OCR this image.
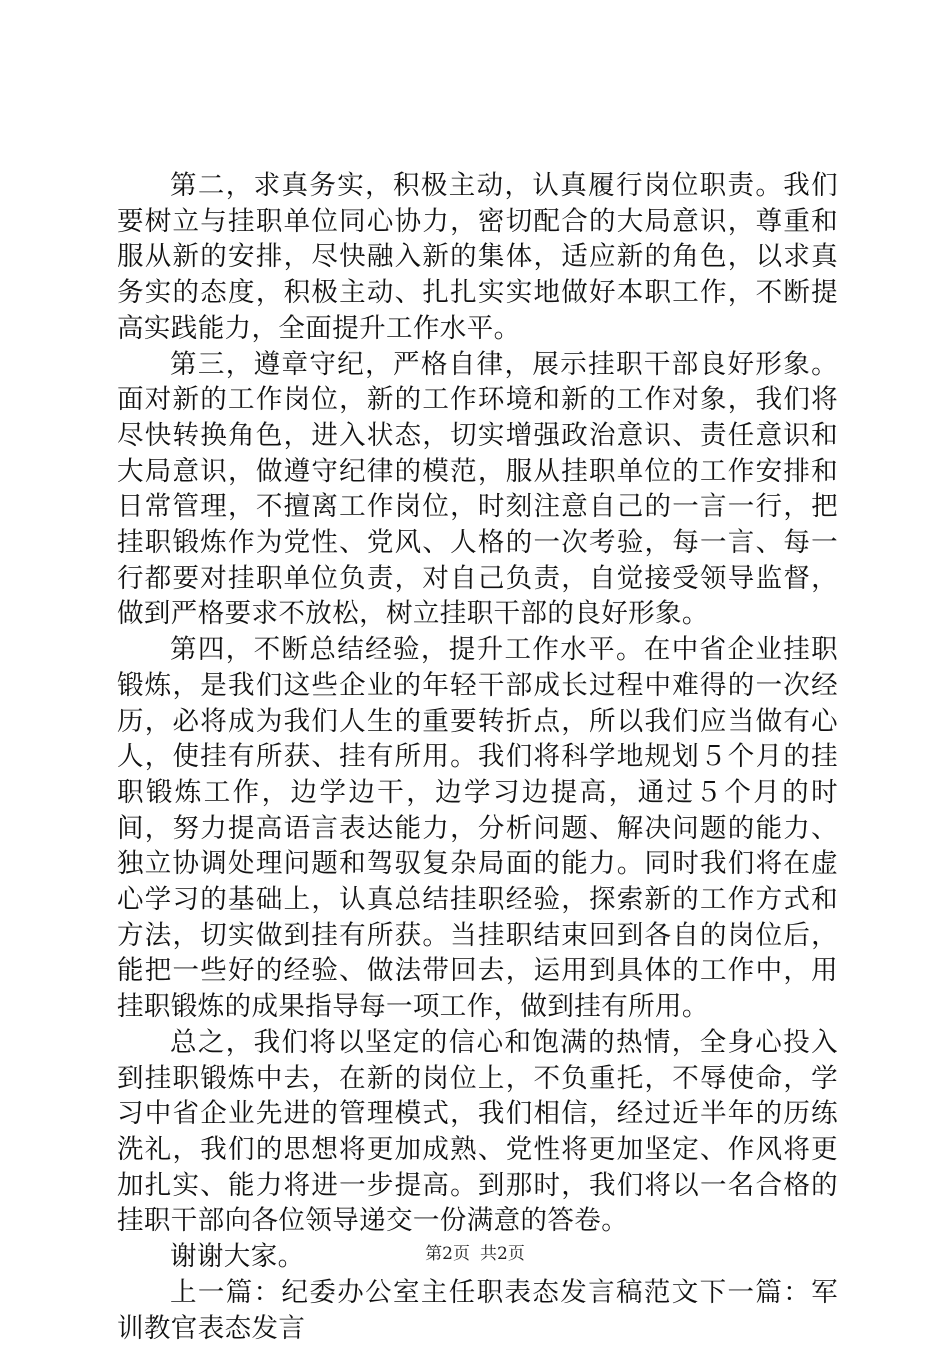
第二，求真务实，积极主动，认真履行岗位职责。我们要树立与挂职单位同心协力，密切配合的大局意识，尊重和服从新的安排，尽快融入新的集体，适应新的角色，以求真务实的态度，积极主动、扎扎实实地做好本职工作，不断提高实践能力，全面提升工作水平。

第三，遵章守纪，严格自律，展示挂职干部良好形象。面对新的工作岗位，新的工作环境和新的工作对象，我们将尽快转换角色，进入状态，切实增强政治意识、责任意识和大局意识，做遵守纪律的模范，服从挂职单位的工作安排和日常管理，不擅离工作岗位，时刻注意自己的一言一行，把挂职锻炼作为党性、党风、人格的一次考验，每一言、每一行都要对挂职单位负责，对自己负责，自觉接受领导监督，做到严格要求不放松，树立挂职干部的良好形象。

第四，不断总结经验，提升工作水平。在中省企业挂职锻炼，是我们这些企业的年轻干部成长过程中难得的一次经历，必将成为我们人生的重要转折点，所以我们应当做有心人，使挂有所获、挂有所用。我们将科学地规划５个月的挂职锻炼工作，边学边干，边学习边提高，通过５个月的时间，努力提高语言表达能力，分析问题、解决问题的能力、独立协调处理问题和驾驭复杂局面的能力。同时我们将在虚心学习的基础上，认真总结挂职经验，探索新的工作方式和方法，切实做到挂有所获。当挂职结束回到各自的岗位后，能把一些好的经验、做法带回去，运用到具体的工作中，用挂职锻炼的成果指导每一项工作，做到挂有所用。

总之，我们将以坚定的信心和饱满的热情，全身心投入到挂职锻炼中去，在新的岗位上，不负重托，不辱使命，学习中省企业先进的管理模式，我们相信，经过近半年的历练洗礼，我们的思想将更加成熟、党性将更加坚定、作风将更加扎实、能力将进一步提高。到那时，我们将以一名合格的挂职干部向各位领导递交一份满意的答卷。

谢谢大家。

上一篇：纪委办公室主任职表态发言稿范文下一篇：军训教官表态发言

第2页 共2页
